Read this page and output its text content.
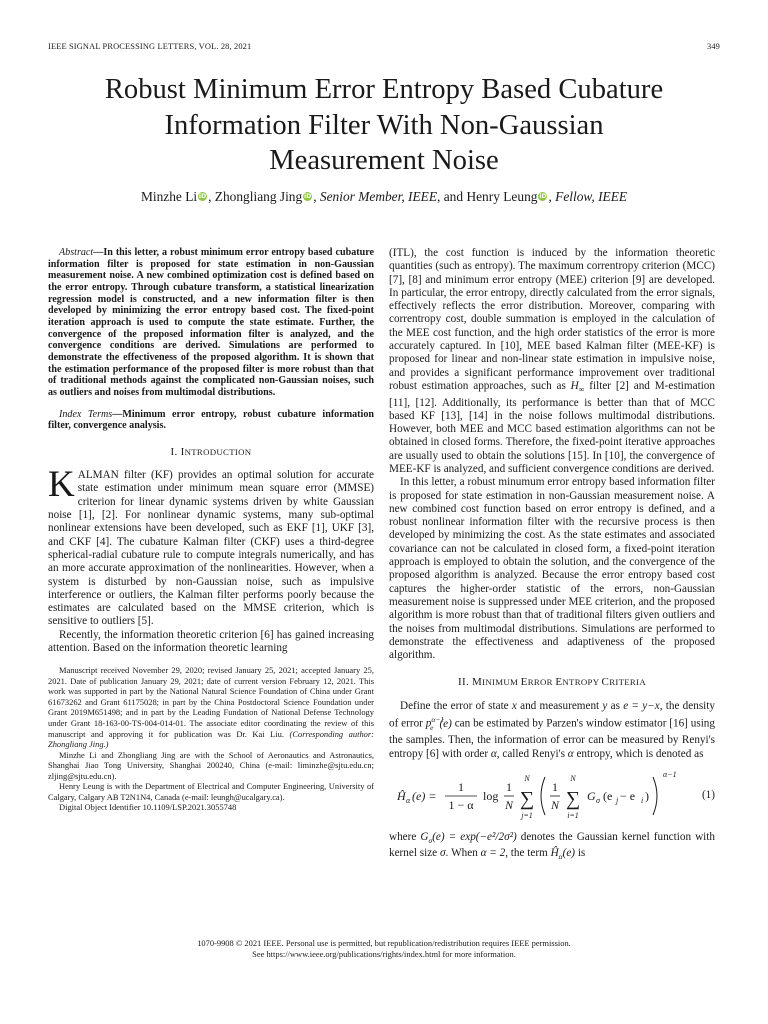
IEEE SIGNAL PROCESSING LETTERS, VOL. 28, 2021	349
Robust Minimum Error Entropy Based Cubature
Information Filter With Non-Gaussian
Measurement Noise
Minzhe Li iD , Zhongliang Jing iD , Senior Member, IEEE, and Henry Leung iD , Fellow, IEEE

Abstract—In this letter, a robust minimum error entropy based cubature information filter is proposed for state estimation in non-Gaussian measurement noise. A new combined optimization cost is defined based on the error entropy. Through cubature transform, a statistical linearization regression model is constructed, and a new information filter is then developed by minimizing the error entropy based cost. The fixed-point iteration approach is used to compute the state estimate. Further, the convergence of the proposed information filter is analyzed, and the convergence conditions are derived. Simulations are performed to demonstrate the effectiveness of the proposed algorithm. It is shown that the estimation performance of the proposed filter is more robust than that of traditional methods against the complicated non-Gaussian noises, such as outliers and noises from multimodal distributions.

Index Terms—Minimum error entropy, robust cubature information filter, convergence analysis.

I. INTRODUCTION

KALMAN filter (KF) provides an optimal solution for accurate state estimation under minimum mean square error (MMSE) criterion for linear dynamic systems driven by white Gaussian noise [1], [2]. For nonlinear dynamic systems, many sub-optimal nonlinear extensions have been developed, such as EKF [1], UKF [3], and CKF [4]. The cubature Kalman filter (CKF) uses a third-degree spherical-radial cubature rule to compute integrals numerically, and has an more accurate approximation of the nonlinearities. However, when a system is disturbed by non-Gaussian noise, such as impulsive interference or outliers, the Kalman filter performs poorly because the estimates are calculated based on the MMSE criterion, which is sensitive to outliers [5].

Recently, the information theoretic criterion [6] has gained increasing attention. Based on the information theoretic learning

Manuscript received November 29, 2020; revised January 25, 2021; accepted January 25, 2021. Date of publication January 29, 2021; date of current version February 12, 2021. This work was supported in part by the National Natural Science Foundation of China under Grant 61673262 and Grant 61175028; in part by the China Postdoctoral Science Foundation under Grant 2019M651498; and in part by the Leading Fundation of National Defense Technology under Grant 18-163-00-TS-004-014-01. The associate editor coordinating the review of this manuscript and approving it for publication was Dr. Kai Liu. (Corresponding author: Zhongliang Jing.)

Minzhe Li and Zhongliang Jing are with the School of Aeronautics and Astronautics, Shanghai Jiao Tong University, Shanghai 200240, China (e-mail: liminzhe@sjtu.edu.cn; zljing@sjtu.edu.cn).

Henry Leung is with the Department of Electrical and Computer Engineering, University of Calgary, Calgary AB T2N1N4, Canada (e-mail: leungh@ucalgary.ca).

Digital Object Identifier 10.1109/LSP.2021.3055748

(ITL), the cost function is induced by the information theoretic quantities (such as entropy). The maximum correntropy criterion (MCC) [7], [8] and minimum error entropy (MEE) criterion [9] are developed. In particular, the error entropy, directly calculated from the error signals, effectively reflects the error distribution. Moreover, comparing with correntropy cost, double summation is employed in the calculation of the MEE cost function, and the high order statistics of the error is more accurately captured. In [10], MEE based Kalman filter (MEE-KF) is proposed for linear and non-linear state estimation in impulsive noise, and provides a significant performance improvement over traditional robust estimation approaches, such as $H_\infty$ filter [2] and M-estimation [11], [12]. Additionally, its performance is better than that of MCC based KF [13], [14] in the noise follows multimodal distributions. However, both MEE and MCC based estimation algorithms can not be obtained in closed forms. Therefore, the fixed-point iterative approaches are usually used to obtain the solutions [15]. In [10], the convergence of MEE-KF is analyzed, and sufficient convergence conditions are derived.

In this letter, a robust minumum error entropy based information filter is proposed for state estimation in non-Gaussian measurement noise. A new combined cost function based on error entropy is defined, and a robust nonlinear information filter with the recursive process is then developed by minimizing the cost. As the state estimates and associated covariance can not be calculated in closed form, a fixed-point iteration approach is employed to obtain the solution, and the convergence of the proposed algorithm is analyzed. Because the error entropy based cost captures the higher-order statistic of the errors, non-Gaussian measurement noise is suppressed under MEE criterion, and the proposed algorithm is more robust than that of traditional filters given outliers and the noises from multimodal distributions. Simulations are performed to demonstrate the effectiveness and adaptiveness of the proposed algorithm.

II. MINIMUM ERROR ENTROPY CRITERIA

Define the error of state x and measurement y as e = y−x, the density of error $p^{\alpha-1}_e$ (e) can be estimated by Parzen's window estimator [16] using the samples. Then, the information of error can be measured by Renyi's entropy [6] with order α, called Renyi's α entropy, which is denoted as

Ĥ α (e) =
1
1 − α
log
1
N
N
∑
j=1
1
N
N
∑
i=1
G σ (e j − e i )
α−1
(1)

where $G_\sigma(e) = \exp(-e^2/2\sigma^2)$ denotes the Gaussian kernel function with kernel size σ. When α = 2, the term $Ĥ_\alpha(e)$ is

1070-9908 © 2021 IEEE. Personal use is permitted, but republication/redistribution requires IEEE permission.
See https://www.ieee.org/publications/rights/index.html for more information.
